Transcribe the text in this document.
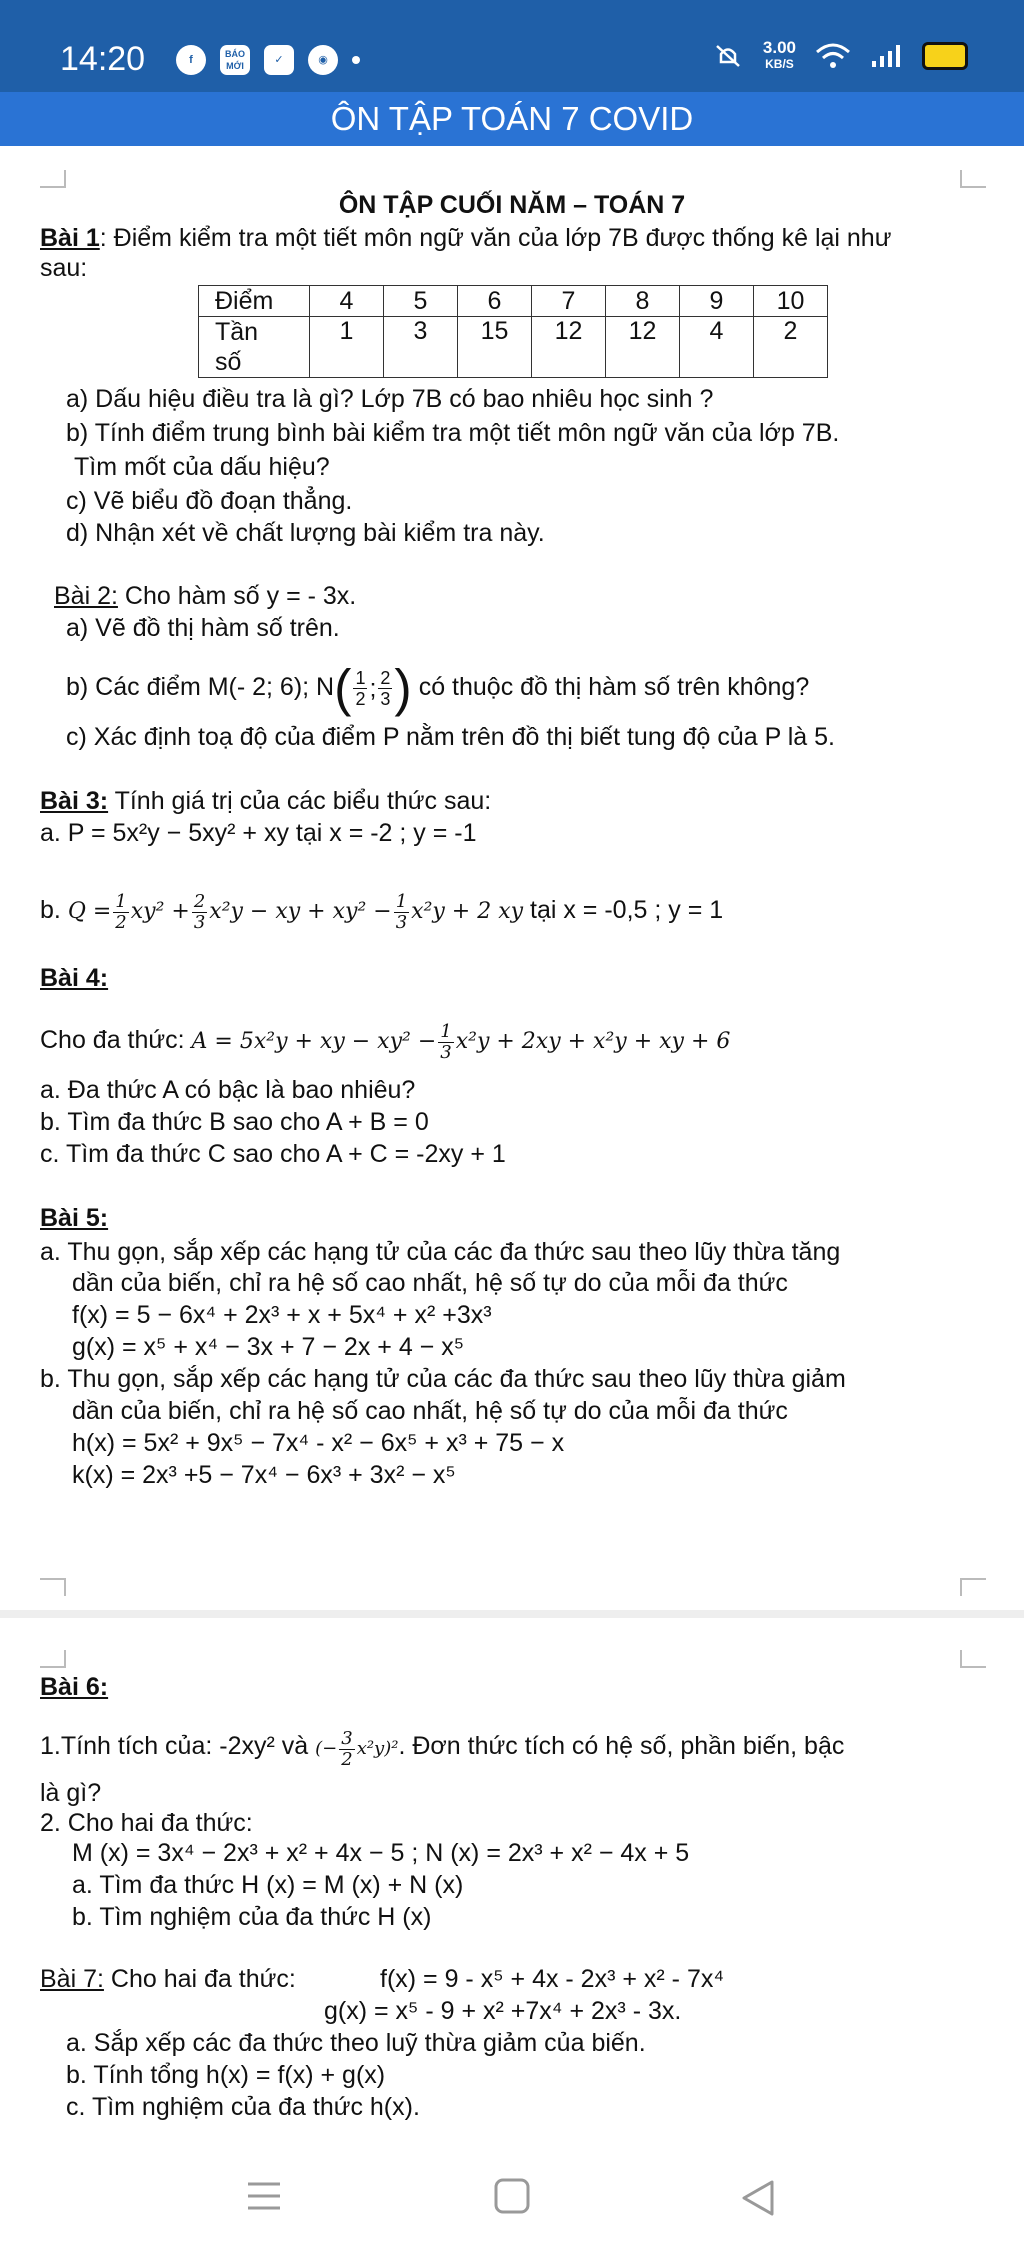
14:20	f	BÁO MỚI	✓	◉
3.00
KB/S
ÔN TẬP TOÁN 7 COVID
ÔN TẬP CUỐI NĂM – TOÁN 7
Bài 1: Điểm kiểm tra một tiết môn ngữ văn của lớp 7B được thống kê lại như
sau:
Điểm	4	5	6	7	8	9	10
Tần
số	1	3	15	12	12	4	2
a) Dấu hiệu điều tra là gì? Lớp 7B có bao nhiêu học sinh ?
b) Tính điểm trung bình bài kiểm tra một tiết môn ngữ văn của lớp 7B.
Tìm mốt của dấu hiệu?
c) Vẽ biểu đồ đoạn thẳng.
d) Nhận xét về chất lượng bài kiểm tra này.
Bài 2: Cho hàm số y = - 3x.
a) Vẽ đồ thị hàm số trên.
b) Các điểm M(- 2; 6); $N( \frac{1}{2}$ ; $\frac{2}{3}$ ) có thuộc đồ thị hàm số trên không?
c) Xác định toạ độ của điểm P nằm trên đồ thị biết tung độ của P là 5.
Bài 3: Tính giá trị của các biểu thức sau:
a. P = 5x²y − 5xy² + xy tại x = -2 ; y = -1
b. $Q = \frac{1}{2} xy^2 + \frac{2}{3} x^2y$ − xy + $xy^2 - \frac{1}{3} x^2y + 2$ xy tại x = -0,5 ; y = 1
Bài 4:
Cho đa thức: A = 5x²y + xy − $xy^2 - \frac{1}{3} x^2y + 2xy + x^2y$ + xy + 6
a. Đa thức A có bậc là bao nhiêu?
b. Tìm đa thức B sao cho A + B = 0
c. Tìm đa thức C sao cho A + C = -2xy + 1
Bài 5:
a. Thu gọn, sắp xếp các hạng tử của các đa thức sau theo lũy thừa tăng
dần của biến, chỉ ra hệ số cao nhất, hệ số tự do của mỗi đa thức
f(x) = 5 − 6x⁴ + 2x³ + x + 5x⁴ + x² +3x³
g(x) = x⁵ + x⁴ − 3x + 7 − 2x + 4 − x⁵
b. Thu gọn, sắp xếp các hạng tử của các đa thức sau theo lũy thừa giảm
dần của biến, chỉ ra hệ số cao nhất, hệ số tự do của mỗi đa thức
h(x) = 5x² + 9x⁵ − 7x⁴ - x² − 6x⁵ + x³ + 75 − x
k(x) = 2x³ +5 − 7x⁴ − 6x³ + 3x² − x⁵
Bài 6:
1.Tính tích của: -2xy² và (− $\frac{3}{2} x^2y)^2$. Đơn thức tích có hệ số, phần biến, bậc
là gì?
2. Cho hai đa thức:
M (x) = 3x⁴ − 2x³ + x² + 4x − 5 ; N (x) = 2x³ + x² − 4x + 5
a. Tìm đa thức H (x) = M (x) + N (x)
b. Tìm nghiệm của đa thức H (x)
Bài 7: Cho hai đa thức:	f(x) = 9 - x⁵ + 4x - 2x³ + x² - 7x⁴
g(x) = x⁵ - 9 + x² +7x⁴ + 2x³ - 3x.
a. Sắp xếp các đa thức theo luỹ thừa giảm của biến.
b. Tính tổng h(x) = f(x) + g(x)
c. Tìm nghiệm của đa thức h(x).
